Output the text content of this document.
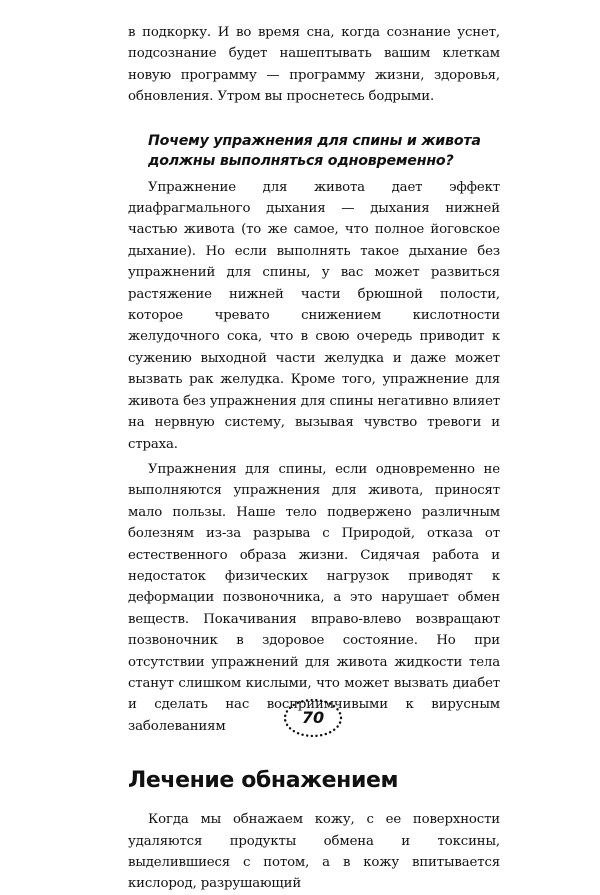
в подкорку. И во время сна, когда сознание уснет, подсознание будет нашептывать вашим клеткам новую программу — программу жизни, здоровья, обновления. Утром вы проснетесь бодрыми.

Почему упражнения для спины и живота
должны выполняться одновременно?

Упражнение для живота дает эффект диафрагмального дыхания — дыхания нижней частью живота (то же самое, что полное йоговское дыхание). Но если выполнять такое дыхание без упражнений для спины, у вас может развиться растяжение нижней части брюшной полости, которое чревато снижением кислотности желудочного сока, что в свою очередь приводит к сужению выходной части желудка и даже может вызвать рак желудка. Кроме того, упражнение для живота без упражнения для спины негативно влияет на нервную систему, вызывая чувство тревоги и страха.

Упражнения для спины, если одновременно не выполняются упражнения для живота, приносят мало пользы. Наше тело подвержено различным болезням из-за разрыва с Природой, отказа от естественного образа жизни. Сидячая работа и недостаток физических нагрузок приводят к деформации позвоночника, а это нарушает обмен веществ. Покачивания вправо-влево возвращают позвоночник в здоровое состояние. Но при отсутствии упражнений для живота жидкости тела станут слишком кислыми, что может вызвать диабет и сделать нас восприимчивыми к вирусным заболеваниям

Лечение обнажением

Когда мы обнажаем кожу, с ее поверхности удаляются продукты обмена и токсины, выделившиеся с потом, а в кожу впитывается кислород, разрушающий

70
